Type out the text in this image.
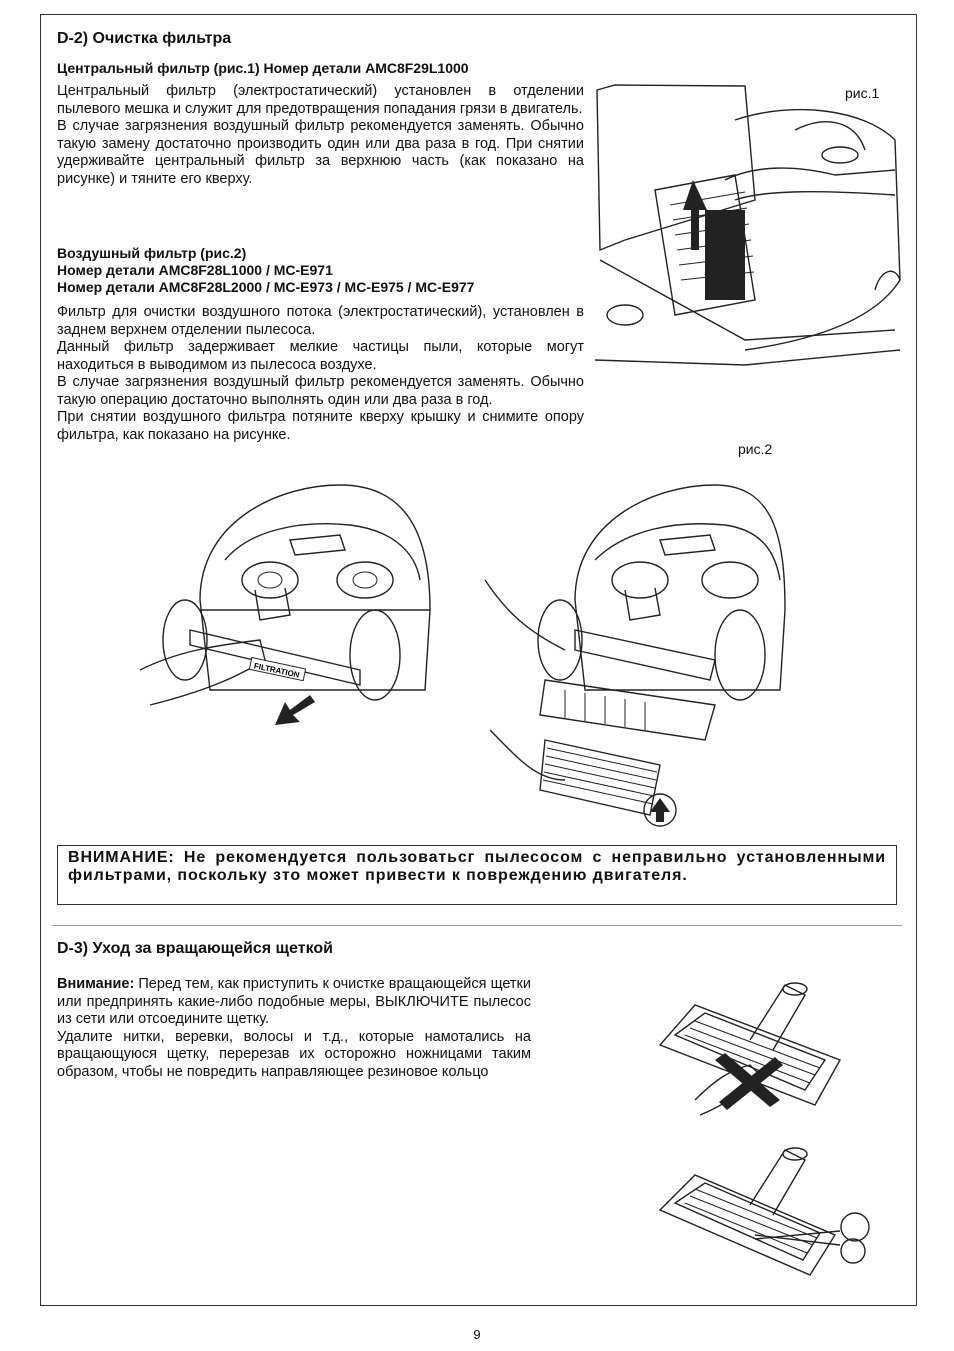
D-2) Очистка фильтра
Центральный фильтр (рис.1) Номер детали AMC8F29L1000

Центральный фильтр (электростатический) установлен в отделении пылевого мешка и служит для предотвращения попадания грязи в двигатель.

В случае загрязнения воздушный фильтр рекомендуется заменять. Обычно такую замену достаточно производить один или два раза в год. При снятии удерживайте центральный фильтр за верхнюю часть (как показано на рисунке) и тяните его кверху.

Воздушный фильтр (рис.2)
Номер детали AMC8F28L1000 / MC-E971
Номер детали AMC8F28L2000 / MC-E973 / MC-E975 / MC-E977

Фильтр для очистки воздушного потока (электростатический), установлен в заднем верхнем отделении пылесоса.

Данный фильтр задерживает мелкие частицы пыли, которые могут находиться в выводимом из пылесоса воздухе.

В случае загрязнения воздушный фильтр рекомендуется заменять. Обычно такую операцию достаточно выполнять один или два раза в год.

При снятии воздушного фильтра потяните кверху крышку и снимите опору фильтра, как показано на рисунке.

рис.1
рис.2
FILTRATION
ВНИМАНИЕ: Не рекомендуется пользоватьсг пылесосом с неправильно установленными фильтрами, поскольку зто может привести к повреждению двигателя.
D-3) Уход за вращающейся щеткой

Внимание: Перед тем, как приступить к очистке вращающейся щетки или предпринять какие-либо подобные меры, ВЫКЛЮЧИТЕ пылесос из сети или отсоедините щетку.

Удалите нитки, веревки, волосы и т.д., которые намотались на вращающуюся щетку, перерезав их осторожно ножницами таким образом, чтобы не повредить направляющее резиновое кольцо

9
